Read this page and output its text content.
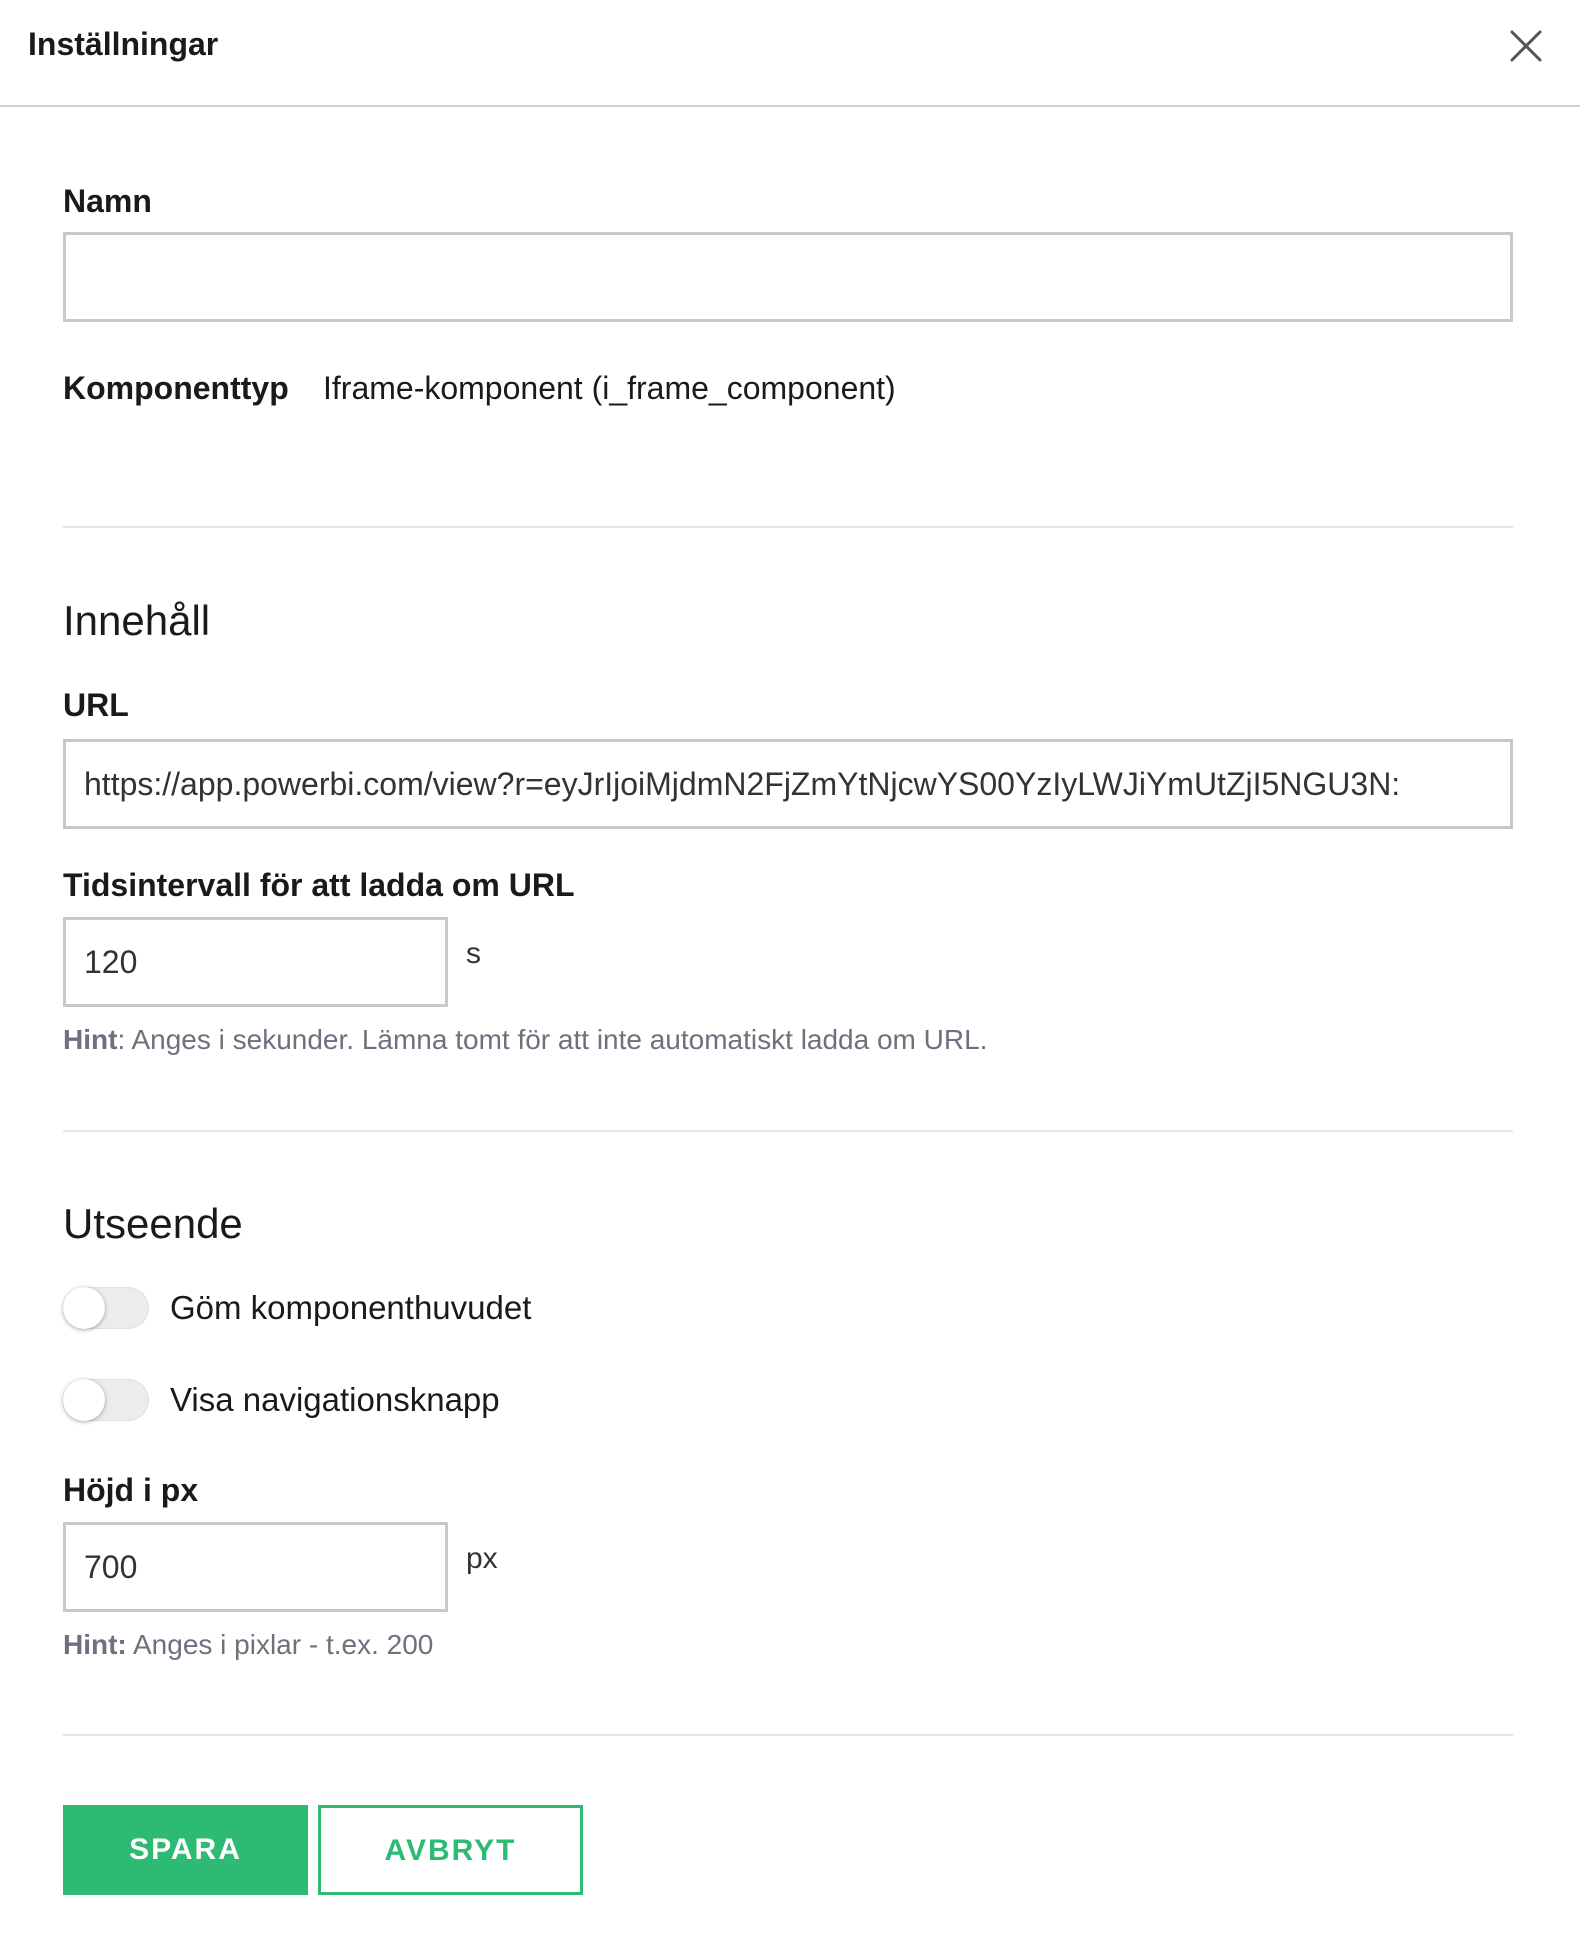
Inställningar
Namn
Komponenttyp Iframe-komponent (i_frame_component)
Innehåll
URL
https://app.powerbi.com/view?r=eyJrIjoiMjdmN2FjZmYtNjcwYS00YzIyLWJiYmUtZjI5NGU3N:
Tidsintervall för att ladda om URL
120
s
Hint: Anges i sekunder. Lämna tomt för att inte automatiskt ladda om URL.
Utseende
Göm komponenthuvudet
Visa navigationsknapp
Höjd i px
700
px
Hint: Anges i pixlar - t.ex. 200
SPARA	AVBRYT
